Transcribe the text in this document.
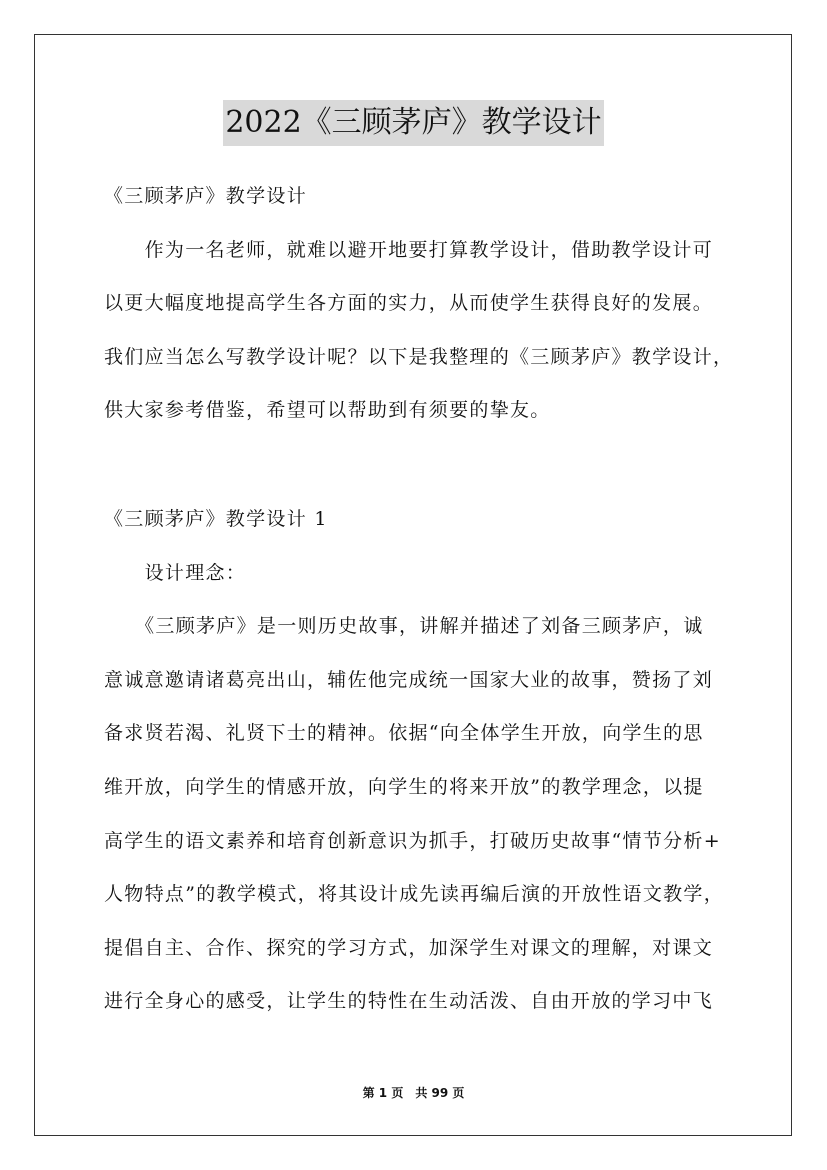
2022《三顾茅庐》教学设计
《三顾茅庐》教学设计
　　作为一名老师，就难以避开地要打算教学设计，借助教学设计可
以更大幅度地提高学生各方面的实力，从而使学生获得良好的发展。
我们应当怎么写教学设计呢？以下是我整理的《三顾茅庐》教学设计，
供大家参考借鉴，希望可以帮助到有须要的挚友。
《三顾茅庐》教学设计 1
　　设计理念：
　　《三顾茅庐》是一则历史故事，讲解并描述了刘备三顾茅庐，诚
意诚意邀请诸葛亮出山，辅佐他完成统一国家大业的故事，赞扬了刘
备求贤若渴、礼贤下士的精神。依据“向全体学生开放，向学生的思
维开放，向学生的情感开放，向学生的将来开放”的教学理念，以提
高学生的语文素养和培育创新意识为抓手，打破历史故事“情节分析+
人物特点”的教学模式，将其设计成先读再编后演的开放性语文教学，
提倡自主、合作、探究的学习方式，加深学生对课文的理解，对课文
进行全身心的感受，让学生的特性在生动活泼、自由开放的学习中飞
第 1 页　共 99 页
